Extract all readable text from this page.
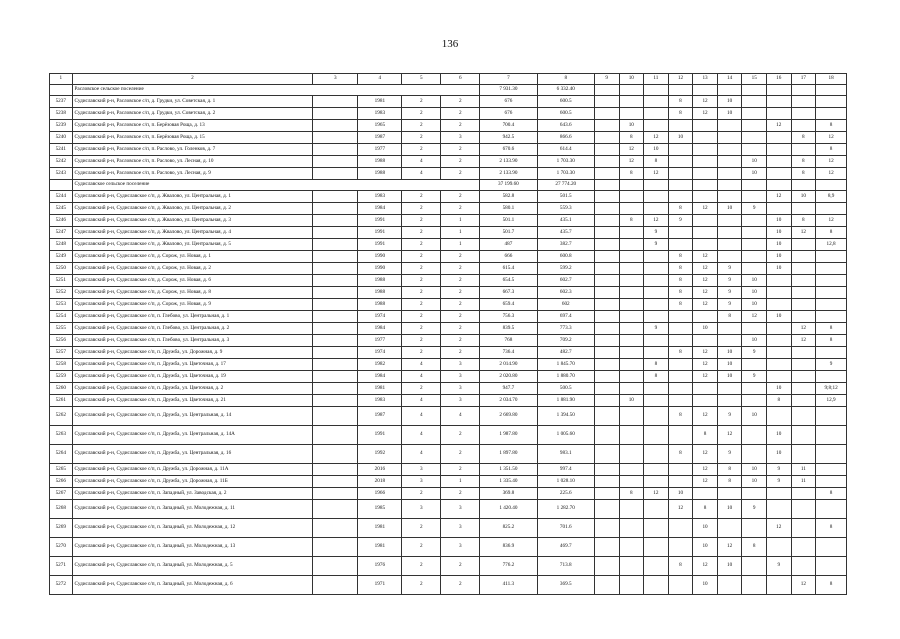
136
1	2	3	4	5	6	7	8	9	10	11	12	13	14	15	16	17	18
	Расловское сельское поселение					7 931.30	6 332.40										
5237	Судиславский р-н, Расловское с/п, д. Грудки, ул. Советская, д. 1		1981	2	2	676	600.5				8	12	10				
5238	Судиславский р-н, Расловское с/п, д. Грудки, ул. Советская, д. 2		1983	2	2	676	600.5				8	12	10				
5239	Судиславский р-н, Расловское с/п, п. Берёзовая Роща, д. 13		1965	2	2	700.4	643.6		10						12		8
5240	Судиславский р-н, Расловское с/п, п. Берёзовая Роща, д. 15		1987	2	3	942.5	866.6		8	12	10					8	12
5241	Судиславский р-н, Расловское с/п, п. Раслово, ул. Голенков, д. 7		1977	2	2	670.6	614.4		12	10							8
5242	Судиславский р-н, Расловское с/п, п. Раслово, ул. Лесная, д. 10		1988	4	2	2 133.90	1 703.30		12	8				10		8	12
5243	Судиславский р-н, Расловское с/п, п. Раслово, ул. Лесная, д. 9		1988	4	2	2 133.90	1 703.30		8	12				10		8	12
	Судиславское сельское поселение					37 199.60	27 774.20										
5244	Судиславский р-н, Судиславское с/п, д. Жвалово, ул. Центральная, д. 1		1983	2	2	582.8	501.5								12	10	8,9
5245	Судиславский р-н, Судиславское с/п, д. Жвалово, ул. Центральная, д. 2		1984	2	2	580.1	559.3				8	12	10	9			
5246	Судиславский р-н, Судиславское с/п, д. Жвалово, ул. Центральная, д. 3		1991	2	1	501.1	435.1		8	12	9				10	8	12
5247	Судиславский р-н, Судиславское с/п, д. Жвалово, ул. Центральная, д. 4		1991	2	1	501.7	435.7			9					10	12	8
5248	Судиславский р-н, Судиславское с/п, д. Жвалово, ул. Центральная, д. 5		1991	2	1	487	382.7			9					10		12,8
5249	Судиславский р-н, Судиславское с/п, д. Сорож, ул. Новая, д. 1		1990	2	2	666	600.8				8	12			10		
5250	Судиславский р-н, Судиславское с/п, д. Сорож, ул. Новая, д. 2		1990	2	2	615.4	599.2				8	12	9		10		
5251	Судиславский р-н, Судиславское с/п, д. Сорож, ул. Новая, д. 6		1988	2	2	654.5	602.7				8	12	9	10			
5252	Судиславский р-н, Судиславское с/п, д. Сорож, ул. Новая, д. 8		1988	2	2	667.3	602.3				8	12	9	10			
5253	Судиславский р-н, Судиславское с/п, д. Сорож, ул. Новая, д. 9		1988	2	2	659.4	602				8	12	9	10			
5254	Судиславский р-н, Судиславское с/п, п. Глебово, ул. Центральная, д. 1		1974	2	2	756.3	697.4						8	12	10		
5255	Судиславский р-н, Судиславское с/п, п. Глебово, ул. Центральная, д. 2		1984	2	2	839.5	773.3			9		10				12	8
5256	Судиславский р-н, Судиславское с/п, п. Глебово, ул. Центральная, д. 3		1977	2	2	768	709.2							10		12	8
5257	Судиславский р-н, Судиславское с/п, п. Дружба, ул. Дорожная, д. 9		1974	2	2	736.4	482.7				8	12	10	9			
5258	Судиславский р-н, Судиславское с/п, п. Дружба, ул. Цветочная, д. 17		1982	4	3	2 014.90	1 845.70			8		12	10				9
5259	Судиславский р-н, Судиславское с/п, п. Дружба, ул. Цветочная, д. 19		1984	4	3	2 020.80	1 880.70			8		12	10	9			
5260	Судиславский р-н, Судиславское с/п, п. Дружба, ул. Цветочная, д. 2		1981	2	3	947.7	500.5								10		9;8;12
5261	Судиславский р-н, Судиславское с/п, п. Дружба, ул. Цветочная, д. 21		1983	4	3	2 034.70	1 881.90		10						8		12,9
5262	Судиславский р-н, Судиславское с/п, п. Дружба, ул. Центральная, д. 14		1987	4	4	2 669.80	1 394.50				8	12	9	10			
5263	Судиславский р-н, Судиславское с/п, п. Дружба, ул. Центральная, д. 14А		1991	4	2	1 987.80	1 005.60					8	12		10		
5264	Судиславский р-н, Судиславское с/п, п. Дружба, ул. Центральная, д. 16		1992	4	2	1 897.80	983.1				8	12	9		10		
5265	Судиславский р-н, Судиславское с/п, п. Дружба, ул. Дорожная, д. 11А		2016	3	2	1 351.50	997.4					12	8	10	9	11	
5266	Судиславский р-н, Судиславское с/п, п. Дружба, ул. Дорожная, д. 11Б		2018	3	1	1 335.40	1 028.10					12	8	10	9	11	
5267	Судиславский р-н, Судиславское с/п, п. Западный, ул. Заводская, д. 2		1966	2	2	369.8	225.6		8	12	10						8
5268	Судиславский р-н, Судиславское с/п, п. Западный, ул. Молодежная, д. 11		1985	3	3	1 420.40	1 282.70				12	8	10	9			
5269	Судиславский р-н, Судиславское с/п, п. Западный, ул. Молодежная, д. 12		1981	2	3	825.2	701.6					10			12		8
5270	Судиславский р-н, Судиславское с/п, п. Западный, ул. Молодежная, д. 13		1981	2	3	836.9	469.7					10	12	8			
5271	Судиславский р-н, Судиславское с/п, п. Западный, ул. Молодежная, д. 5		1976	2	2	776.2	713.8				8	12	10		9		
5272	Судиславский р-н, Судиславское с/п, п. Западный, ул. Молодежная, д. 6		1971	2	2	411.3	369.5					10				12	8
